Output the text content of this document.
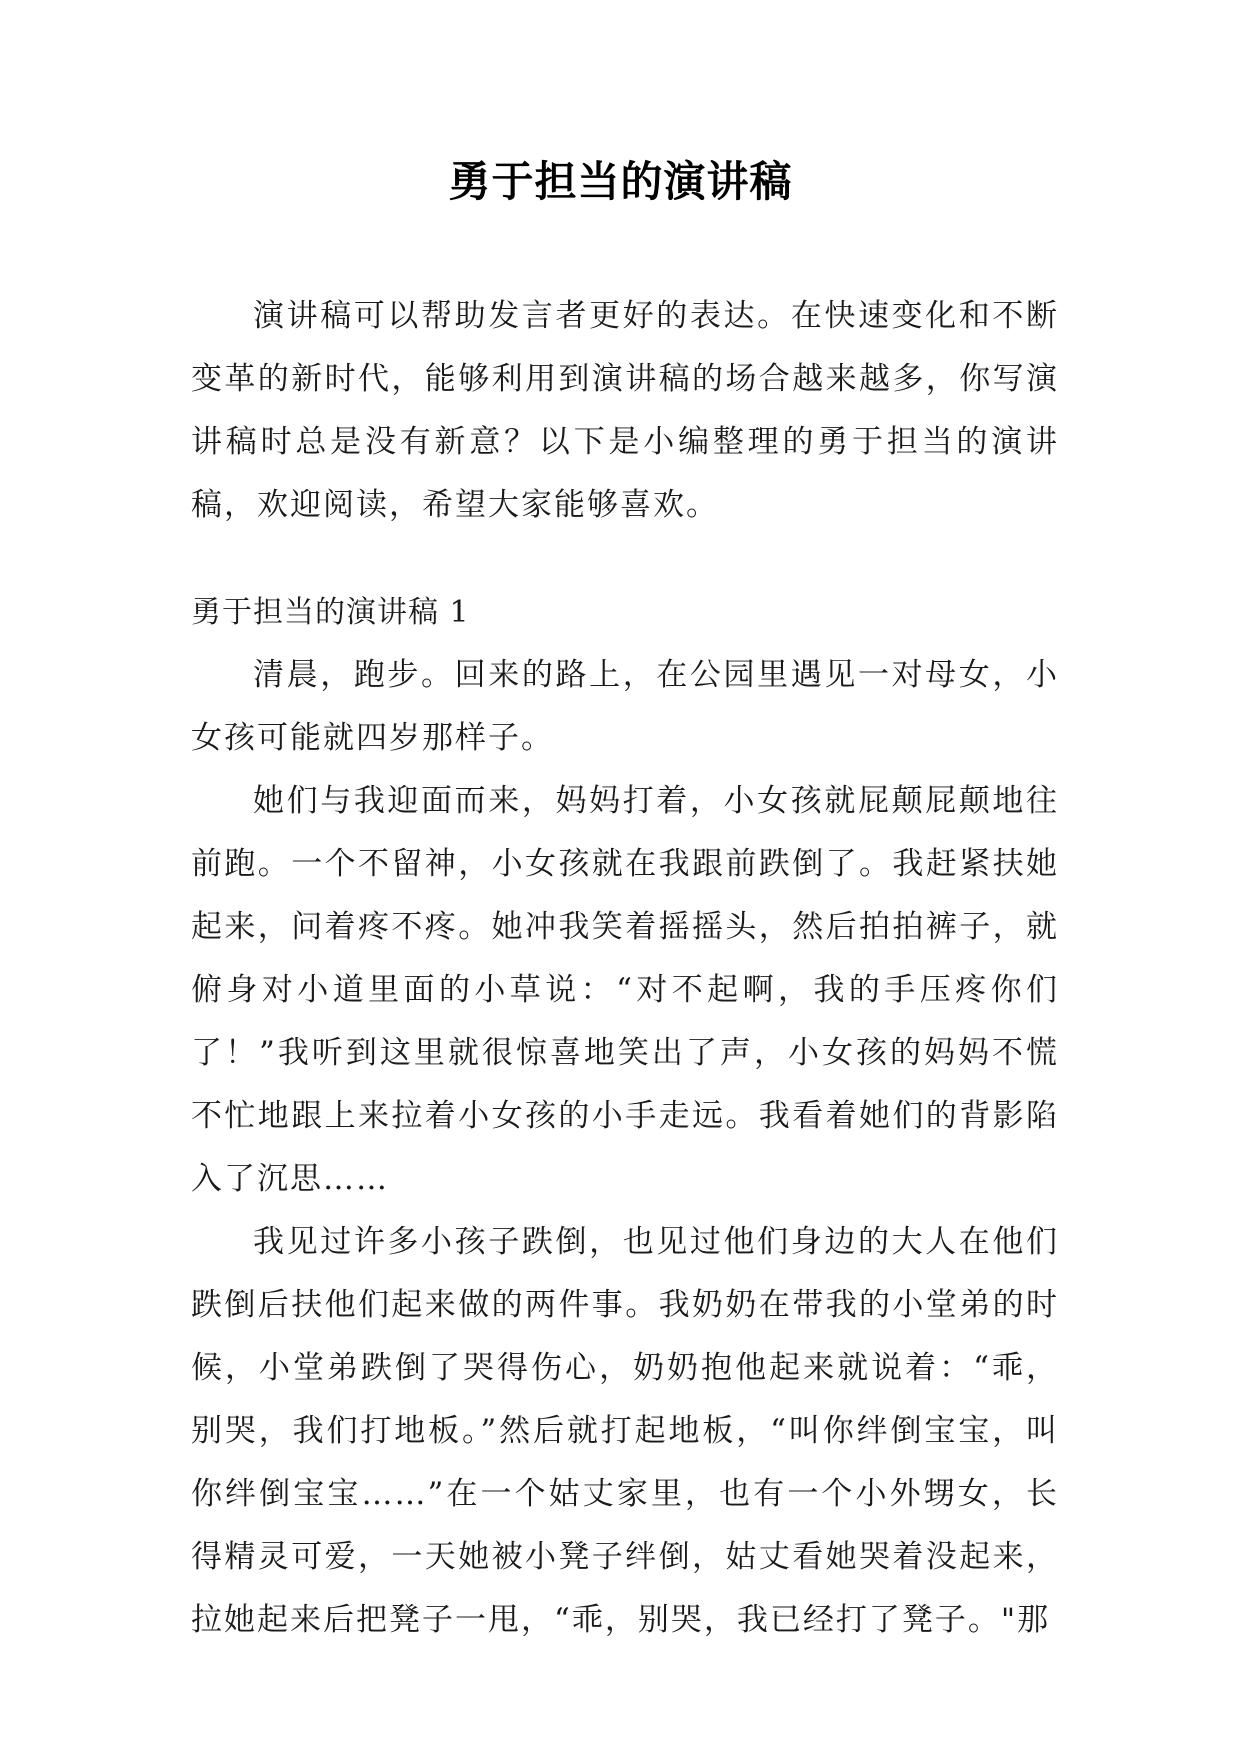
勇于担当的演讲稿

演讲稿可以帮助发言者更好的表达。在快速变化和不断变革的新时代，能够利用到演讲稿的场合越来越多，你写演讲稿时总是没有新意？以下是小编整理的勇于担当的演讲稿，欢迎阅读，希望大家能够喜欢。

勇于担当的演讲稿 1

清晨，跑步。回来的路上，在公园里遇见一对母女，小女孩可能就四岁那样子。

她们与我迎面而来，妈妈打着，小女孩就屁颠屁颠地往前跑。一个不留神，小女孩就在我跟前跌倒了。我赶紧扶她起来，问着疼不疼。她冲我笑着摇摇头，然后拍拍裤子，就俯身对小道里面的小草说：“对不起啊，我的手压疼你们了！”我听到这里就很惊喜地笑出了声，小女孩的妈妈不慌不忙地跟上来拉着小女孩的小手走远。我看着她们的背影陷入了沉思……

我见过许多小孩子跌倒，也见过他们身边的大人在他们跌倒后扶他们起来做的两件事。我奶奶在带我的小堂弟的时候，小堂弟跌倒了哭得伤心，奶奶抱他起来就说着：“乖，别哭，我们打地板。”然后就打起地板，“叫你绊倒宝宝，叫你绊倒宝宝……”在一个姑丈家里，也有一个小外甥女，长得精灵可爱，一天她被小凳子绊倒，姑丈看她哭着没起来，拉她起来后把凳子一甩，“乖，别哭，我已经打了凳子。"那
